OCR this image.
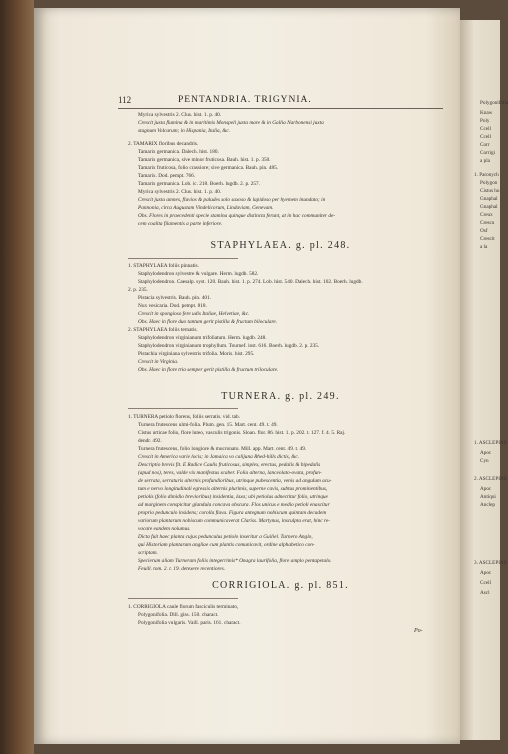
Polygonifolia
Knaw
Poly
Ccell
Ccell
Corr
Corrigi
a pla
1. Paronych
Polygon
Cistus hu
Gnaphal
Gnaphal
Creux
Crescu
Osf
Crescit
a la
1. ASCLEPIAS
Apoc
Cyn
2. ASCLEPIAS
Apoc
Antiqui
Anclep
3. ASCLEPIAS
Apoc
Ccell
Ascl
112	PENTANDRIA. TRIGYNIA.
Myrica sylvestris 2. Clus. hist. 1. p. 40.
Crescit juxta flumina & in maritimis Monspeli juxta mare & in Gallia Narbonensi juxta
stagnum Volcarum; in Hispania, Italia, &c.
2. TAMARIX floribus decandris.
Tamarix germanica. Dalech. hist. 180.
Tamarix germanica, sive minor fruticosa. Bauh. hist. 1. p. 350.
Tamarix fruticosa, folio crassiore; sive germanica. Bauh. pin. 485.
Tamarix. Dod. pempt. 766.
Tamarix germanica. Lob. ic. 218. Boerh. lugdb. 2. p. 257.
Myrica sylvestris 2. Clus. hist. 1. p. 40.
Crescit juxta amnes, fluvios & paludes solo saxoso & lapidoso per hyemem inundato; in
Pannonia, circa Augustam Vindelicorum, Lindaviam, Genevam.
Obs. Flores in praecedenti specie stamina quinque distincta ferunt, at in hac communiter de-
cem coalita filamentis a parte inferiore.
STAPHYLAEA. g. pl. 248.
1. STAPHYLAEA foliis pinnatis.
Staphylodendron sylvestre & vulgare. Herm. lugdb. 582.
Staphylodendron. Caesalp. syst. 120. Bauh. hist. 1. p. 274. Lob. hist. 540. Dalech. hist. 102. Boerh. lugdb.
2. p. 235.
Pistacia sylvestris. Bauh. pin. 401.
Nux vesicaria. Dod. pempt. 818.
Crescit in spongioso fere udis Italiae, Helvetiae, &c.
Obs. Haec in flore duo tantum gerit pistilla & fructum biloculare.
2. STAPHYLAEA foliis ternatis.
Staphylodendron virginianum trifoliatum. Herm. lugdb. 248.
Staphylodendron virginianum trophyllum. Tournef. inst. 616. Boerh. lugdb. 2. p. 235.
Pistachia virginiana sylvestris trifolia. Moris. hist. 295.
Crescit in Virginia.
Obs. Haec in flore tria semper gerit pistilla & fructum triloculare.
TURNERA. g. pl. 249.
1. TURNERA petiolo florens, foliis serratis. vid. tab.
Turnera frutescens ulmi-folia. Plum. gen. 15. Mart. cent. 49. t. 49.
Cistus urticae folio, flore luteo, vasculis trigonis. Sloan. flor. 86. hist. 1. p. 202. t. 127. f. 4. 5. Raj.
dendr. 492.
Turnera frutescens, folio longiore & mucronato. Mill. app. Mart. cent. 49. t. 49.
Crescit in America varie locis; in Jamaica vo calijuna Rhed-hills dictis, &c.
Descriptio brevis fit. E Radice Caulis fruticosus, simplex, erectus, pedalis & bipedalis
(apud nos), teres, valde vix manifestus scaber. Folia alterna, lanceolato-ovata, profun-
de serrata, serraturis alternis profundioribus, utrinque pubescentia, venis ad angulum acu-
tum e nervo longitudinali egressis alternis plurimis, superne cavis, subtus prominentibus,
petiolis (folio dimidio brevioribus) insidentia, laxa; ubi petiolus adnectitur folio, utrinque
ad marginem conspicitur glandula concava obscura. Flos unicus e medio petioli enascitur
proprio pedunculo insidens; corolla flava. Figura antegnum nobiscum quintam decadem
variorum plantarum nobiscum communicaverat Clariss. Martynus, insculpta erat, hinc re-
vocare eandem nolumus.
Dicta fuit haec planta cujus pedunculus petiolo inseritur a Guiliel. Turnero Anglo,
qui Historiam plantarum angliae cum plantis comunicavit, ordine alphabetico con-
scriptam.
Specierum aliam Turneram foliis integerrimis* Onagra laurifolia, flore amplo pentapetalo.
Feuill. tom. 2. t. 19. detexere recentiores.
CORRIGIOLA. g. pl. 851.
1. CORRIGIOLA caule florum fasciculis terminato,
Polygonifolia. Dill. giss. 150. charact.
Polygonifolia vulgaris. Vaill. paris. 161. charact.
Po-
